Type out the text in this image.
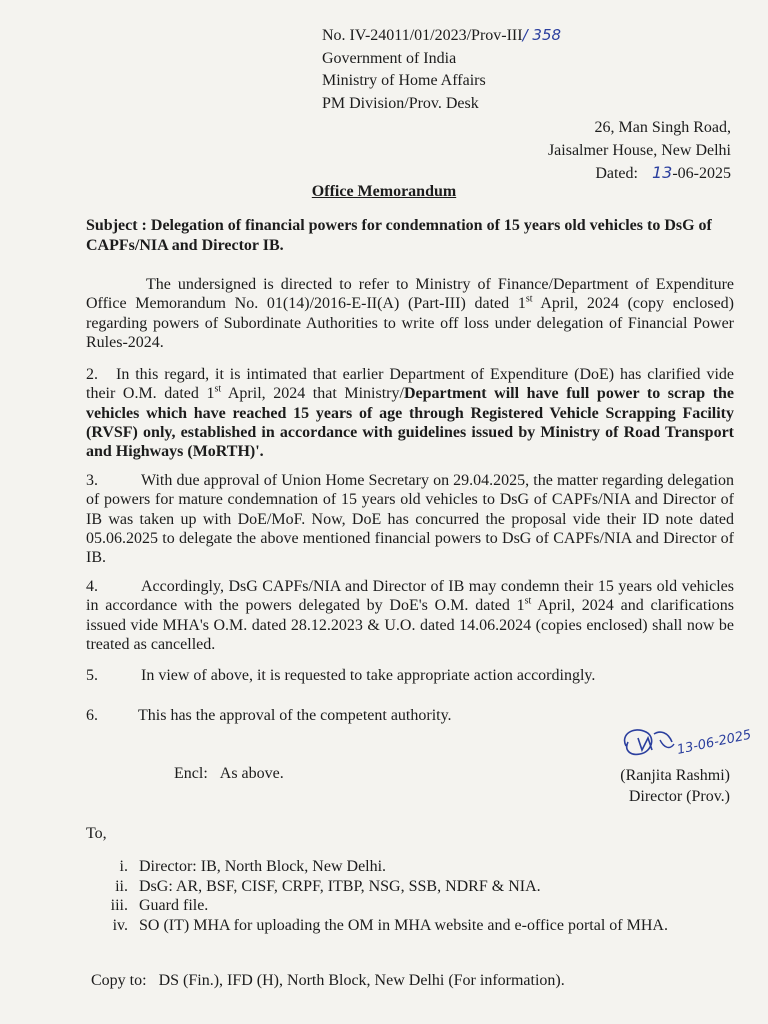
No. IV-24011/01/2023/Prov-III/ 358
Government of India
Ministry of Home Affairs
PM Division/Prov. Desk
26, Man Singh Road,
Jaisalmer House, New Delhi
Dated: 13-06-2025
Office Memorandum
Subject : Delegation of financial powers for condemnation of 15 years old vehicles to DsG of CAPFs/NIA and Director IB.
The undersigned is directed to refer to Ministry of Finance/Department of Expenditure Office Memorandum No. 01(14)/2016-E-II(A) (Part-III) dated 1st April, 2024 (copy enclosed) regarding powers of Subordinate Authorities to write off loss under delegation of Financial Power Rules-2024.
2. In this regard, it is intimated that earlier Department of Expenditure (DoE) has clarified vide their O.M. dated 1st April, 2024 that Ministry/Department will have full power to scrap the vehicles which have reached 15 years of age through Registered Vehicle Scrapping Facility (RVSF) only, established in accordance with guidelines issued by Ministry of Road Transport and Highways (MoRTH)'.
3.	With due approval of Union Home Secretary on 29.04.2025, the matter regarding delegation of powers for mature condemnation of 15 years old vehicles to DsG of CAPFs/NIA and Director of IB was taken up with DoE/MoF. Now, DoE has concurred the proposal vide their ID note dated 05.06.2025 to delegate the above mentioned financial powers to DsG of CAPFs/NIA and Director of IB.
4.	Accordingly, DsG CAPFs/NIA and Director of IB may condemn their 15 years old vehicles in accordance with the powers delegated by DoE's O.M. dated 1st April, 2024 and clarifications issued vide MHA's O.M. dated 28.12.2023 & U.O. dated 14.06.2024 (copies enclosed) shall now be treated as cancelled.
5.	In view of above, it is requested to take appropriate action accordingly.
6.	This has the approval of the competent authority.
13-06-2025
Encl: As above.	(Ranjita Rashmi)
Director (Prov.)
To,
i. Director: IB, North Block, New Delhi.
ii. DsG: AR, BSF, CISF, CRPF, ITBP, NSG, SSB, NDRF & NIA.
iii. Guard file.
iv. SO (IT) MHA for uploading the OM in MHA website and e-office portal of MHA.
Copy to: DS (Fin.), IFD (H), North Block, New Delhi (For information).
